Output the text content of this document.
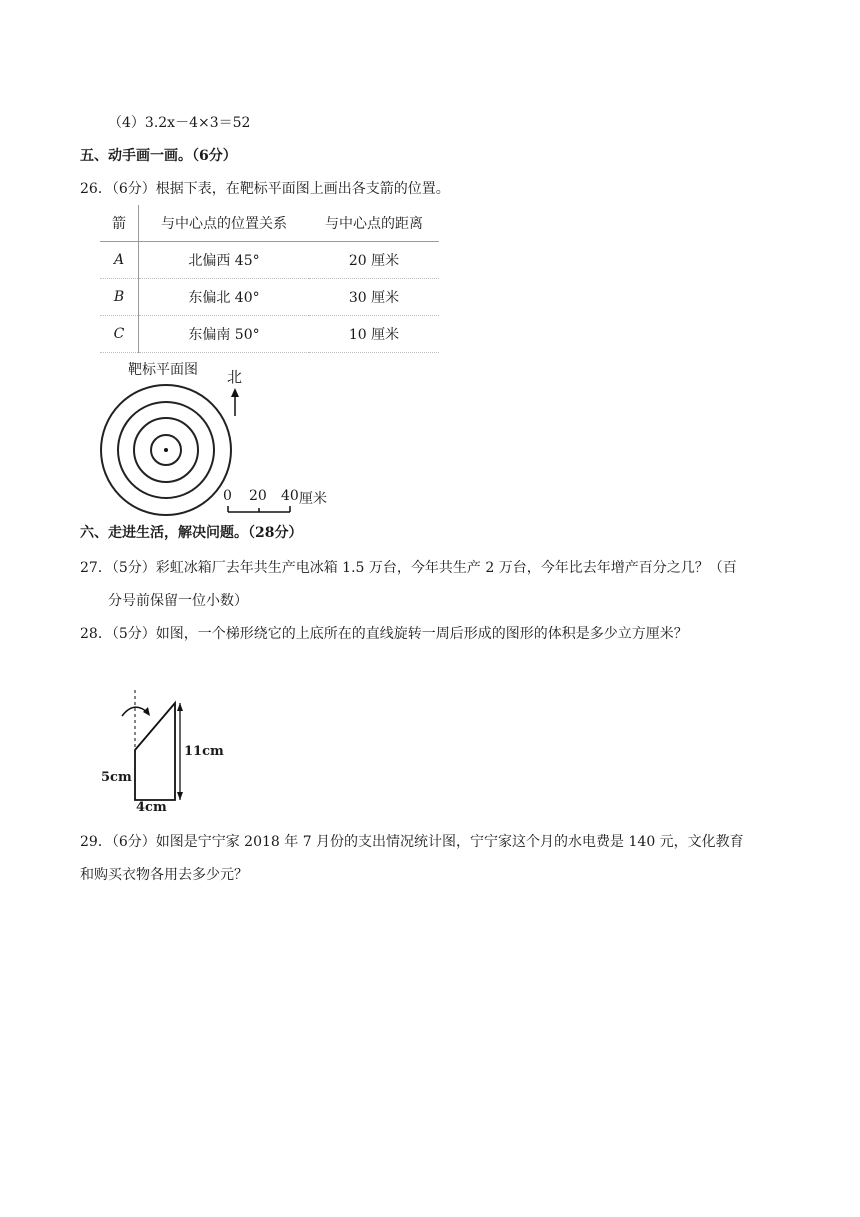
（4）3.2x－4×3＝52
五、动手画一画。（6分）
26．（6分）根据下表，在靶标平面图上画出各支箭的位置。
箭	与中心点的位置关系	与中心点的距离
A	北偏西 45°	20 厘米
B	东偏北 40°	30 厘米
C	东偏南 50°	10 厘米
靶标平面图 北
0 20 40 厘米
六、走进生活，解决问题。（28分）
27．（5分）彩虹冰箱厂去年共生产电冰箱 1.5 万台，今年共生产 2 万台，今年比去年增产百分之几？（百
分号前保留一位小数）
28．（5分）如图，一个梯形绕它的上底所在的直线旋转一周后形成的图形的体积是多少立方厘米？
11cm
5cm
4cm
29．（6分）如图是宁宁家 2018 年 7 月份的支出情况统计图，宁宁家这个月的水电费是 140 元，文化教育
和购买衣物各用去多少元？
